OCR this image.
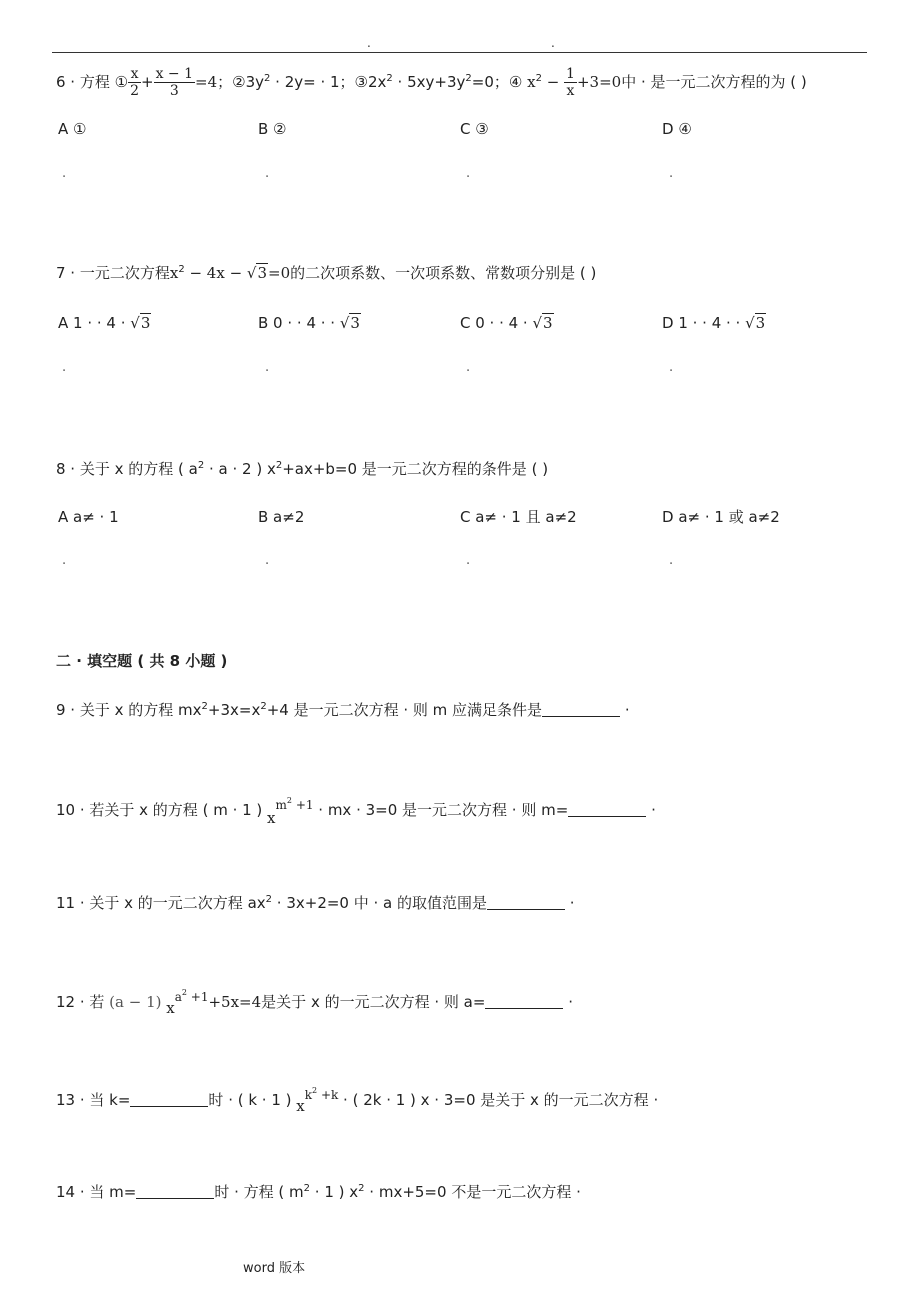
.	.
6 · 方程 ① $\frac{x}{2} + \frac{x - 1}{3} =4$；$②3y^2 \cdot 2y= \cdot 1$；$③2x^2 \cdot 5xy+3y^2=0$；④ $x^2 - \frac{1}{x} +3=0$中 · 是一元二次方程的为 ( )
A ①	B ②	C ③	D ④
.	.	.	.
7 · 一元二次方程$x^2 - 4x - √3=0$的二次项系数、一次项系数、常数项分别是 ( )
A 1 · · 4 · √3	B 0 · · 4 · · √3	C 0 · · 4 · √3	D 1 · · 4 · · √3
.	.	.	.
8 · 关于 x 的方程 ( $a^2 \cdot a \cdot 2$ ) $x^2+ax+b=0$ 是一元二次方程的条件是 ( )
A a≠ · 1	B a≠2	C a≠ · 1 且 a≠2	D a≠ · 1 或 a≠2
.	.	.	.
二 · 填空题 ( 共 8 小题 )
9 · 关于 x 的方程 $mx^2+3x=x^2+4$ 是一元二次方程 · 则 m 应满足条件是	·
10 · 若关于 x 的方程 ( m · 1 ) $x^{m^2 +1}$ · mx · 3=0 是一元二次方程 · 则 m=	·
11 · 关于 x 的一元二次方程 $ax^2 \cdot 3x+2=0$ 中 · a 的取值范围是	·
12 · 若 (a − 1) $x^{a^2 +1}+5x=4$是关于 x 的一元二次方程 · 则 a=	·
13 · 当 k=	时 · ( k · 1 ) $x^{k^2 +k}$ · ( 2k · 1 ) x · 3=0 是关于 x 的一元二次方程 ·
14 · 当 m=	时 · 方程 ( $m^2 \cdot 1$ ) $x^2 \cdot mx+5=0$ 不是一元二次方程 ·
word 版本
